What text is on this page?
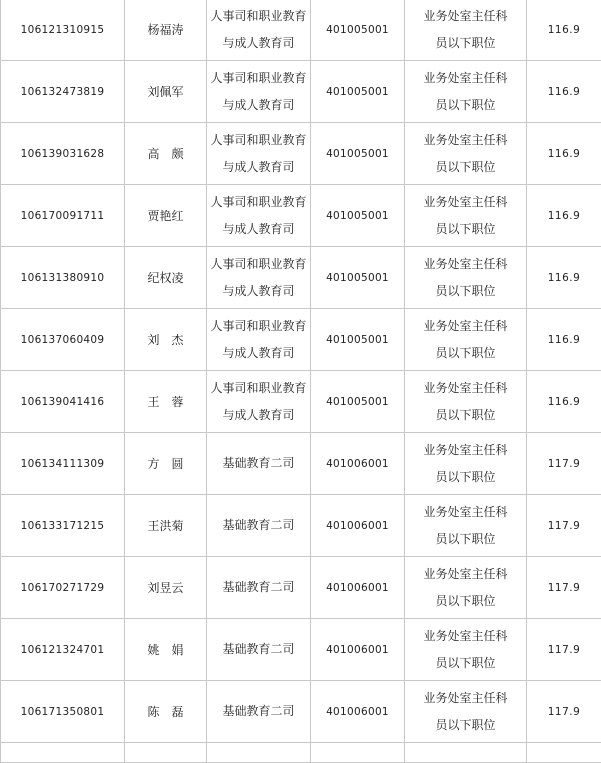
106121310915	杨福涛	人事司和职业教育
与成人教育司	401005001	业务处室主任科
员以下职位	116.9
106132473819	刘佩军	人事司和职业教育
与成人教育司	401005001	业务处室主任科
员以下职位	116.9
106139031628	高　颇	人事司和职业教育
与成人教育司	401005001	业务处室主任科
员以下职位	116.9
106170091711	贾艳红	人事司和职业教育
与成人教育司	401005001	业务处室主任科
员以下职位	116.9
106131380910	纪权凌	人事司和职业教育
与成人教育司	401005001	业务处室主任科
员以下职位	116.9
106137060409	刘　杰	人事司和职业教育
与成人教育司	401005001	业务处室主任科
员以下职位	116.9
106139041416	王　蓉	人事司和职业教育
与成人教育司	401005001	业务处室主任科
员以下职位	116.9
106134111309	方　圆	基础教育二司	401006001	业务处室主任科
员以下职位	117.9
106133171215	王洪菊	基础教育二司	401006001	业务处室主任科
员以下职位	117.9
106170271729	刘昱云	基础教育二司	401006001	业务处室主任科
员以下职位	117.9
106121324701	姚　娟	基础教育二司	401006001	业务处室主任科
员以下职位	117.9
106171350801	陈　磊	基础教育二司	401006001	业务处室主任科
员以下职位	117.9
